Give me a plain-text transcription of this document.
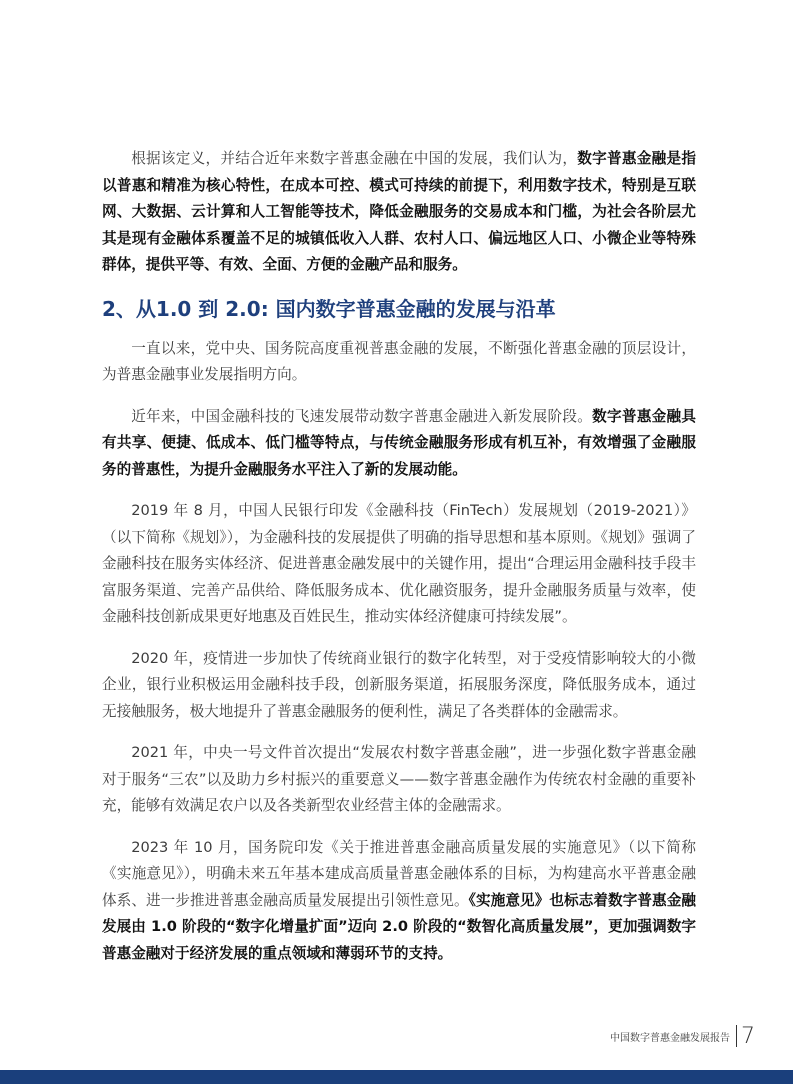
根据该定义，并结合近年来数字普惠金融在中国的发展，我们认为，数字普惠金融是指以普惠和精准为核心特性，在成本可控、模式可持续的前提下，利用数字技术，特别是互联网、大数据、云计算和人工智能等技术，降低金融服务的交易成本和门槛，为社会各阶层尤其是现有金融体系覆盖不足的城镇低收入人群、农村人口、偏远地区人口、小微企业等特殊群体，提供平等、有效、全面、方便的金融产品和服务。

2、从1.0 到 2.0: 国内数字普惠金融的发展与沿革

一直以来，党中央、国务院高度重视普惠金融的发展，不断强化普惠金融的顶层设计，为普惠金融事业发展指明方向。

近年来，中国金融科技的飞速发展带动数字普惠金融进入新发展阶段。数字普惠金融具有共享、便捷、低成本、低门槛等特点，与传统金融服务形成有机互补，有效增强了金融服务的普惠性，为提升金融服务水平注入了新的发展动能。

2019 年 8 月，中国人民银行印发《金融科技（FinTech）发展规划（2019-2021）》（以下简称《规划》），为金融科技的发展提供了明确的指导思想和基本原则。《规划》强调了金融科技在服务实体经济、促进普惠金融发展中的关键作用，提出“合理运用金融科技手段丰富服务渠道、完善产品供给、降低服务成本、优化融资服务，提升金融服务质量与效率，使金融科技创新成果更好地惠及百姓民生，推动实体经济健康可持续发展”。

2020 年，疫情进一步加快了传统商业银行的数字化转型，对于受疫情影响较大的小微企业，银行业积极运用金融科技手段，创新服务渠道，拓展服务深度，降低服务成本，通过无接触服务，极大地提升了普惠金融服务的便利性，满足了各类群体的金融需求。

2021 年，中央一号文件首次提出“发展农村数字普惠金融”，进一步强化数字普惠金融对于服务“三农”以及助力乡村振兴的重要意义——数字普惠金融作为传统农村金融的重要补充，能够有效满足农户以及各类新型农业经营主体的金融需求。

2023 年 10 月，国务院印发《关于推进普惠金融高质量发展的实施意见》（以下简称《实施意见》），明确未来五年基本建成高质量普惠金融体系的目标，为构建高水平普惠金融体系、进一步推进普惠金融高质量发展提出引领性意见。《实施意见》也标志着数字普惠金融发展由 1.0 阶段的“数字化增量扩面”迈向 2.0 阶段的“数智化高质量发展”，更加强调数字普惠金融对于经济发展的重点领域和薄弱环节的支持。

中国数字普惠金融发展报告 7
